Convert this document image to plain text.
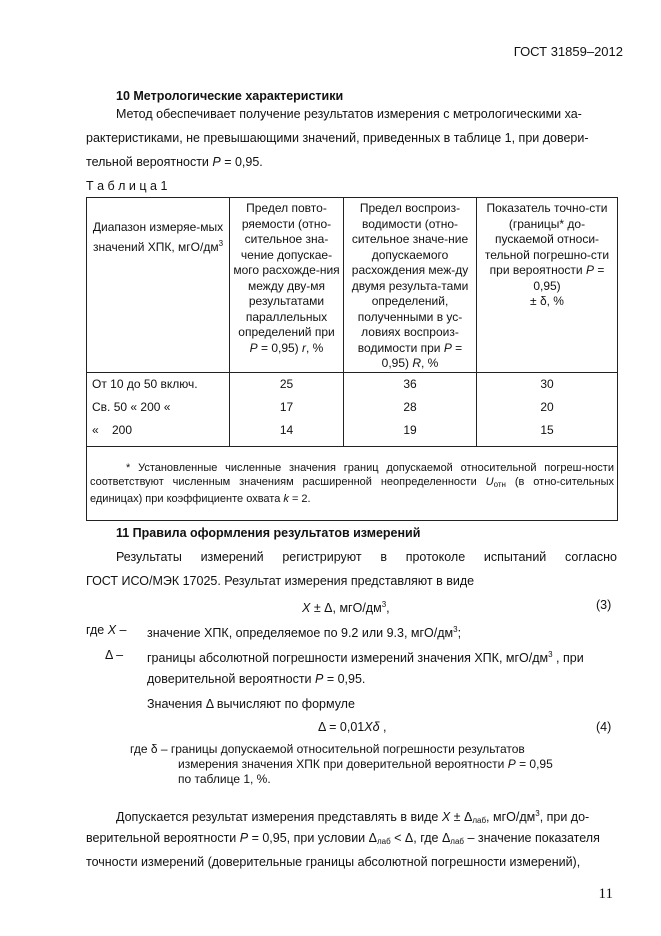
ГОСТ 31859–2012
10 Метрологические характеристики
Метод обеспечивает получение результатов измерения с метрологическими ха-
рактеристиками, не превышающими значений, приведенных в таблице 1, при довери-
тельной вероятности P = 0,95.
Т а б л и ц а 1
Диапазон измеряе-мых значений ХПК, мгО/$дм^3$	Предел повто-ряемости (отно-сительное зна-чение допускае-мого расхожде-ния между дву-мя результатами параллельных определений при P = 0,95) r, %	Предел воспроиз-водимости (отно-сительное значе-ние допускаемого расхождения меж-ду двумя результа-тами определений, полученными в ус-ловиях воспроиз-водимости при P = 0,95) R, %	Показатель точно-сти (границы* до-пускаемой относи-тельной погрешно-сти при вероятности P = 0,95)
± δ, %
От 10 до 50 включ.	25	36	30
Св. 50 « 200 «	17	28	20
«    200	14	19	15
* Установленные численные значения границ допускаемой относительной погреш-ности соответствуют численным значениям расширенной неопределенности $U_{отн}$ (в отно-сительных единицах) при коэффициенте охвата k = 2.			
11 Правила оформления результатов измерений
Результаты измерений регистрируют в протоколе испытаний согласно
ГОСТ ИСО/МЭК 17025. Результат измерения представляют в виде
X ± Δ, мгО/$дм^3$,	(3)
где X – значение ХПК, определяемое по 9.2 или 9.3, мгО/$дм^3$;
Δ – границы абсолютной погрешности измерений значения ХПК, мгО/$дм^3$ , при
доверительной вероятности P = 0,95.
Значения Δ вычисляют по формуле
Δ = 0,01Xδ ,	(4)
где δ – границы допускаемой относительной погрешности результатов
измерения значения ХПК при доверительной вероятности P = 0,95
по таблице 1, %.
Допускается результат измерения представлять в виде $X \pm \Delta_{лаб}$, мгО/$дм^3$, при до-
верительной вероятности P = 0,95, при условии $\Delta_{лаб} < \Delta$, где $\Delta_{лаб}$ – значение показателя
точности измерений (доверительные границы абсолютной погрешности измерений),
11
